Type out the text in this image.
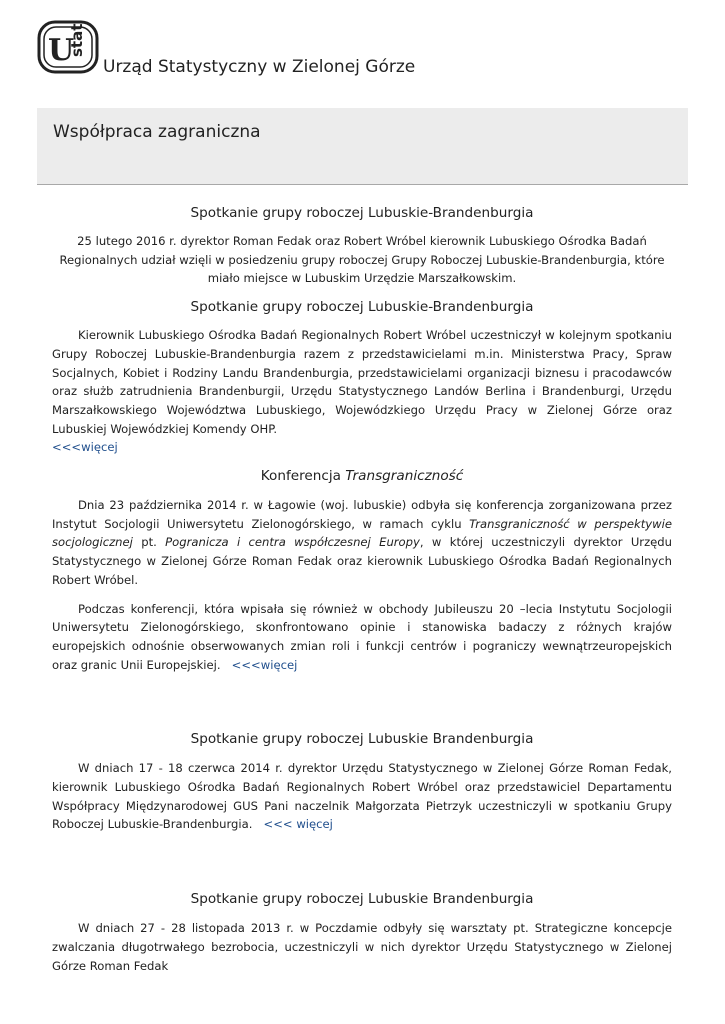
U
stat
Urząd Statystyczny w Zielonej Górze
Współpraca zagraniczna
Spotkanie grupy roboczej Lubuskie-Brandenburgia

25 lutego 2016 r. dyrektor Roman Fedak oraz Robert Wróbel kierownik Lubuskiego Ośrodka Badań Regionalnych udział wzięli w posiedzeniu grupy roboczej Grupy Roboczej Lubuskie-Brandenburgia, które miało miejsce w Lubuskim Urzędzie Marszałkowskim.

Spotkanie grupy roboczej Lubuskie-Brandenburgia

Kierownik Lubuskiego Ośrodka Badań Regionalnych Robert Wróbel uczestniczył w kolejnym spotkaniu Grupy Roboczej Lubuskie-Brandenburgia razem z przedstawicielami m.in. Ministerstwa Pracy, Spraw Socjalnych, Kobiet i Rodziny Landu Brandenburgia, przedstawicielami organizacji biznesu i pracodawców oraz służb zatrudnienia Brandenburgii, Urzędu Statystycznego Landów Berlina i Brandenburgi, Urzędu Marszałkowskiego Województwa Lubuskiego, Wojewódzkiego Urzędu Pracy w Zielonej Górze oraz Lubuskiej Wojewódzkiej Komendy OHP.
<<<więcej

Konferencja Transgraniczność

Dnia 23 października 2014 r. w Łagowie (woj. lubuskie) odbyła się konferencja zorganizowana przez Instytut Socjologii Uniwersytetu Zielonogórskiego, w ramach cyklu Transgraniczność w perspektywie socjologicznej pt. Pogranicza i centra współczesnej Europy, w której uczestniczyli dyrektor Urzędu Statystycznego w Zielonej Górze Roman Fedak oraz kierownik Lubuskiego Ośrodka Badań Regionalnych Robert Wróbel.

Podczas konferencji, która wpisała się również w obchody Jubileuszu 20 –lecia Instytutu Socjologii Uniwersytetu Zielonogórskiego, skonfrontowano opinie i stanowiska badaczy z różnych krajów europejskich odnośnie obserwowanych zmian roli i funkcji centrów i pograniczy wewnątrzeuropejskich oraz granic Unii Europejskiej. <<<więcej

Spotkanie grupy roboczej Lubuskie Brandenburgia

W dniach 17 - 18 czerwca 2014 r. dyrektor Urzędu Statystycznego w Zielonej Górze Roman Fedak, kierownik Lubuskiego Ośrodka Badań Regionalnych Robert Wróbel oraz przedstawiciel Departamentu Współpracy Międzynarodowej GUS Pani naczelnik Małgorzata Pietrzyk uczestniczyli w spotkaniu Grupy Roboczej Lubuskie-Brandenburgia. <<< więcej

Spotkanie grupy roboczej Lubuskie Brandenburgia

W dniach 27 - 28 listopada 2013 r. w Poczdamie odbyły się warsztaty pt. Strategiczne koncepcje zwalczania długotrwałego bezrobocia, uczestniczyli w nich dyrektor Urzędu Statystycznego w Zielonej Górze Roman Fedak
